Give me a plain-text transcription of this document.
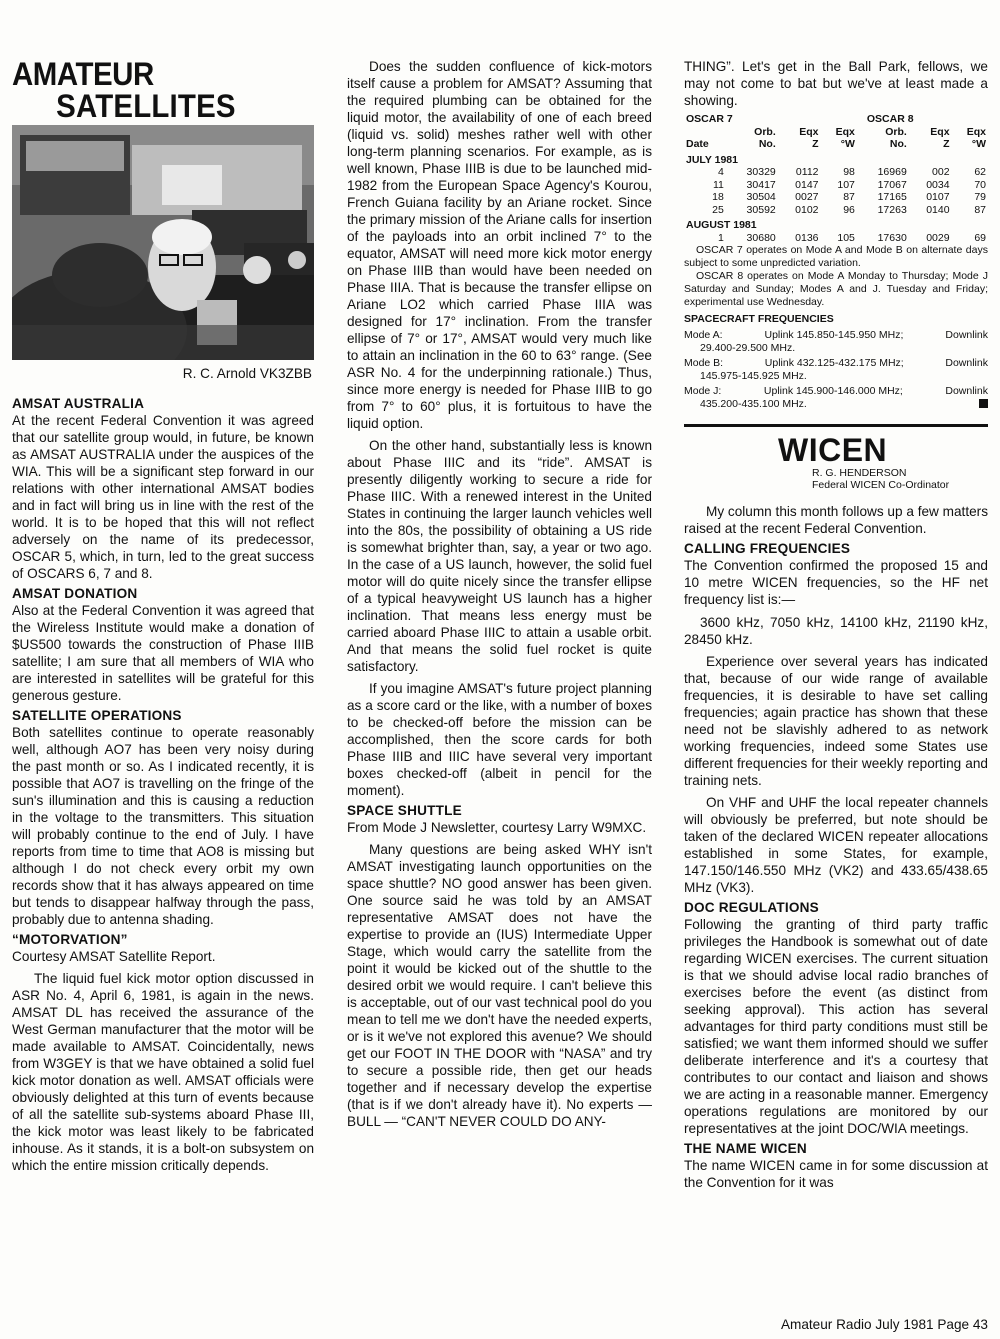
AMATEUR
SATELLITES
R. C. Arnold VK3ZBB
AMSAT AUSTRALIA

At the recent Federal Convention it was agreed that our satellite group would, in future, be known as AMSAT AUSTRALIA under the auspices of the WIA. This will be a significant step forward in our relations with other international AMSAT bodies and in fact will bring us in line with the rest of the world. It is to be hoped that this will not reflect adversely on the name of its predecessor, OSCAR 5, which, in turn, led to the great success of OSCARS 6, 7 and 8.

AMSAT DONATION

Also at the Federal Convention it was agreed that the Wireless Institute would make a donation of $US500 towards the construction of Phase IIIB satellite; I am sure that all members of WIA who are interested in satellites will be grateful for this generous gesture.

SATELLITE OPERATIONS

Both satellites continue to operate reasonably well, although AO7 has been very noisy during the past month or so. As I indicated recently, it is possible that AO7 is travelling on the fringe of the sun's illumination and this is causing a reduction in the voltage to the transmitters. This situation will probably continue to the end of July. I have reports from time to time that AO8 is missing but although I do not check every orbit my own records show that it has always appeared on time but tends to disappear halfway through the pass, probably due to antenna shading.

“MOTORVATION”

Courtesy AMSAT Satellite Report.

The liquid fuel kick motor option discussed in ASR No. 4, April 6, 1981, is again in the news. AMSAT DL has received the assurance of the West German manufacturer that the motor will be made available to AMSAT. Coincidentally, news from W3GEY is that we have obtained a solid fuel kick motor donation as well. AMSAT officials were obviously delighted at this turn of events because of all the satellite sub-systems aboard Phase III, the kick motor was least likely to be fabricated inhouse. As it stands, it is a bolt-on subsystem on which the entire mission critically depends.

Does the sudden confluence of kick-motors itself cause a problem for AMSAT? Assuming that the required plumbing can be obtained for the liquid motor, the availability of one of each breed (liquid vs. solid) meshes rather well with other long-term planning scenarios. For example, as is well known, Phase IIIB is due to be launched mid-1982 from the European Space Agency's Kourou, French Guiana facility by an Ariane rocket. Since the primary mission of the Ariane calls for insertion of the payloads into an orbit inclined 7° to the equator, AMSAT will need more kick motor energy on Phase IIIB than would have been needed on Phase IIIA. That is because the transfer ellipse on Ariane LO2 which carried Phase IIIA was designed for 17° inclination. From the transfer ellipse of 7° or 17°, AMSAT would very much like to attain an inclination in the 60 to 63° range. (See ASR No. 4 for the underpinning rationale.) Thus, since more energy is needed for Phase IIIB to go from 7° to 60° plus, it is fortuitous to have the liquid option.

On the other hand, substantially less is known about Phase IIIC and its “ride”. AMSAT is presently diligently working to secure a ride for Phase IIIC. With a renewed interest in the United States in continuing the larger launch vehicles well into the 80s, the possibility of obtaining a US ride is somewhat brighter than, say, a year or two ago. In the case of a US launch, however, the solid fuel motor will do quite nicely since the transfer ellipse of a typical heavyweight US launch has a higher inclination. That means less energy must be carried aboard Phase IIIC to attain a usable orbit. And that means the solid fuel rocket is quite satisfactory.

If you imagine AMSAT's future project planning as a score card or the like, with a number of boxes to be checked-off before the mission can be accomplished, then the score cards for both Phase IIIB and IIIC have several very important boxes checked-off (albeit in pencil for the moment).

SPACE SHUTTLE

From Mode J Newsletter, courtesy Larry W9MXC.

Many questions are being asked WHY isn't AMSAT investigating launch opportunities on the space shuttle? NO good answer has been given. One source said he was told by an AMSAT representative AMSAT does not have the expertise to provide an (IUS) Intermediate Upper Stage, which would carry the satellite from the point it would be kicked out of the shuttle to the desired orbit we would require. I can't believe this is acceptable, out of our vast technical pool do you mean to tell me we don't have the needed experts, or is it we've not explored this avenue? We should get our FOOT IN THE DOOR with “NASA” and try to secure a possible ride, then get our heads together and if necessary develop the expertise (that is if we don't already have it). No experts — BULL — “CAN'T NEVER COULD DO ANY-

THING”. Let's get in the Ball Park, fellows, we may not come to bat but we've at least made a showing.

OSCAR 7				OSCAR 8		
	Orb.	Eqx	Eqx	Orb.	Eqx	Eqx
Date	No.	Z	°W	No.	Z	°W
JULY 1981						
4	30329	0112	98	16969	002	62
11	30417	0147	107	17067	0034	70
18	30504	0027	87	17165	0107	79
25	30592	0102	96	17263	0140	87
AUGUST 1981						
1	30680	0136	105	17630	0029	69

OSCAR 7 operates on Mode A and Mode B on alternate days subject to some unpredicted variation.

OSCAR 8 operates on Mode A Monday to Thursday; Mode J Saturday and Sunday; Modes A and J. Tuesday and Friday; experimental use Wednesday.

SPACECRAFT FREQUENCIES

Mode A:	Uplink 145.850-145.950 MHz;	Downlink
29.400-29.500 MHz.
Mode B:	Uplink 432.125-432.175 MHz;	Downlink
145.975-145.925 MHz.
Mode J:	Uplink 145.900-146.000 MHz;	Downlink
435.200-435.100 MHz.
WICEN
R. G. HENDERSON
Federal WICEN Co-Ordinator

My column this month follows up a few matters raised at the recent Federal Convention.

CALLING FREQUENCIES

The Convention confirmed the proposed 15 and 10 metre WICEN frequencies, so the HF net frequency list is:—

3600 kHz, 7050 kHz, 14100 kHz, 21190 kHz, 28450 kHz.

Experience over several years has indicated that, because of our wide range of available frequencies, it is desirable to have set calling frequencies; again practice has shown that these need not be slavishly adhered to as network working frequencies, indeed some States use different frequencies for their weekly reporting and training nets.

On VHF and UHF the local repeater channels will obviously be preferred, but note should be taken of the declared WICEN repeater allocations established in some States, for example, 147.150/146.550 MHz (VK2) and 433.65/438.65 MHz (VK3).

DOC REGULATIONS

Following the granting of third party traffic privileges the Handbook is somewhat out of date regarding WICEN exercises. The current situation is that we should advise local radio branches of exercises before the event (as distinct from seeking approval). This action has several advantages for third party conditions must still be satisfied; we want them informed should we suffer deliberate interference and it's a courtesy that contributes to our contact and liaison and shows we are acting in a reasonable manner. Emergency operations regulations are monitored by our representatives at the joint DOC/WIA meetings.

THE NAME WICEN

The name WICEN came in for some discussion at the Convention for it was

Amateur Radio July 1981 Page 43
